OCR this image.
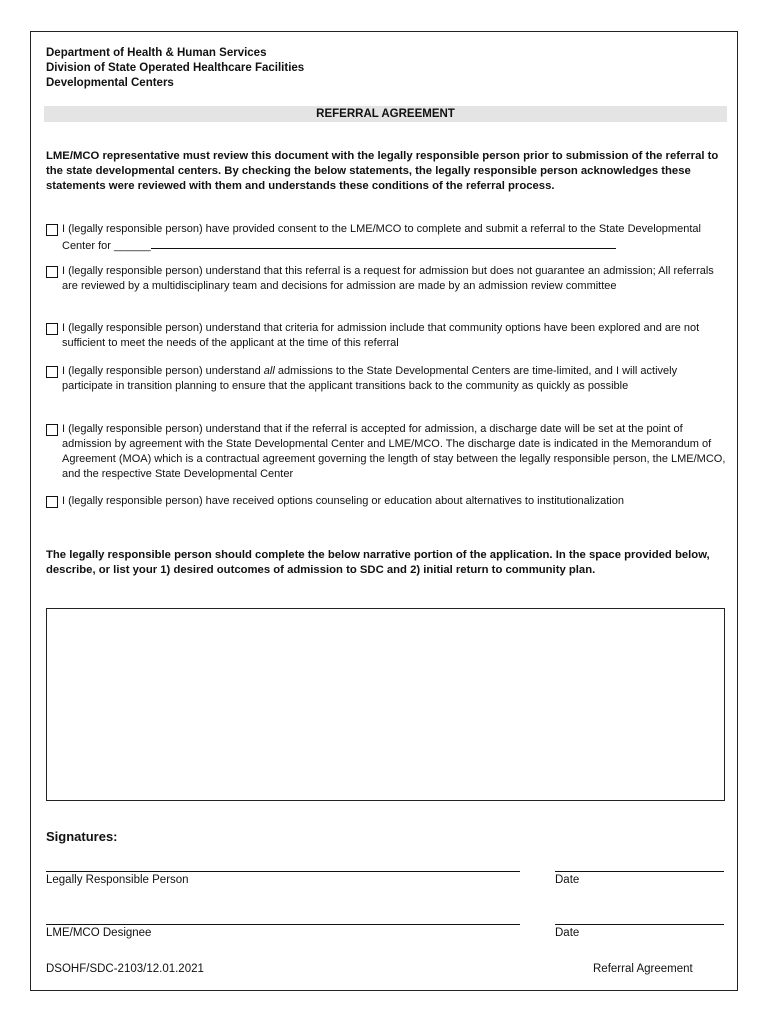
Department of Health & Human Services
Division of State Operated Healthcare Facilities
Developmental Centers
REFERRAL AGREEMENT
LME/MCO representative must review this document with the legally responsible person prior to submission of the referral to the state developmental centers. By checking the below statements, the legally responsible person acknowledges these statements were reviewed with them and understands these conditions of the referral process.
I (legally responsible person) have provided consent to the LME/MCO to complete and submit a referral to the State Developmental Center for ______
I (legally responsible person) understand that this referral is a request for admission but does not guarantee an admission; All referrals are reviewed by a multidisciplinary team and decisions for admission are made by an admission review committee
I (legally responsible person) understand that criteria for admission include that community options have been explored and are not sufficient to meet the needs of the applicant at the time of this referral
I (legally responsible person) understand all admissions to the State Developmental Centers are time-limited, and I will actively participate in transition planning to ensure that the applicant transitions back to the community as quickly as possible
I (legally responsible person) understand that if the referral is accepted for admission, a discharge date will be set at the point of admission by agreement with the State Developmental Center and LME/MCO. The discharge date is indicated in the Memorandum of Agreement (MOA) which is a contractual agreement governing the length of stay between the legally responsible person, the LME/MCO, and the respective State Developmental Center
I (legally responsible person) have received options counseling or education about alternatives to institutionalization
The legally responsible person should complete the below narrative portion of the application. In the space provided below, describe, or list your 1) desired outcomes of admission to SDC and 2) initial return to community plan.
Signatures:
Legally Responsible Person	Date
LME/MCO Designee	Date
DSOHF/SDC-2103/12.01.2021	Referral Agreement
